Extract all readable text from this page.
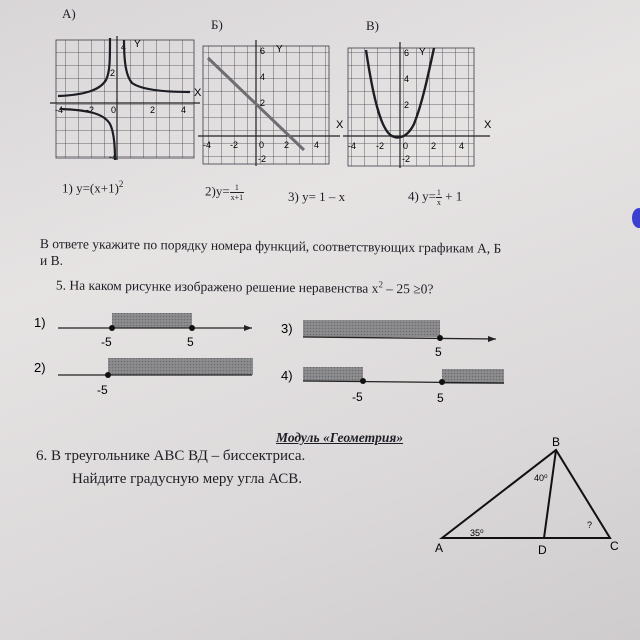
A)
Б)	В)
X
Y
4
2
-4	-2 0	2	4
-4
X
Y
6
4
2
-4 -2 0 2	4
-2
X
Y
6
4
2
-4 -2 0	2	4
-2
1) $y=(x+1)^2$	$2)y= \frac{1}{x+1}$	3) y= 1 – x	4) $y= \frac{1}{x} + 1$
В ответе укажите по порядку номера функций, соответствующих графикам А, Б
и В.
5. На каком рисунке изображено решение неравенства $x^2 - 25 \ge 0$?
1)
-5	5
2)
-5
3)
5
4)
-5	5
Модуль «Геометрия»
6. В треугольнике АВС ВД – биссектриса.
Найдите градусную меру угла АСВ.
A
B
C
D
35⁰
40⁰
?
